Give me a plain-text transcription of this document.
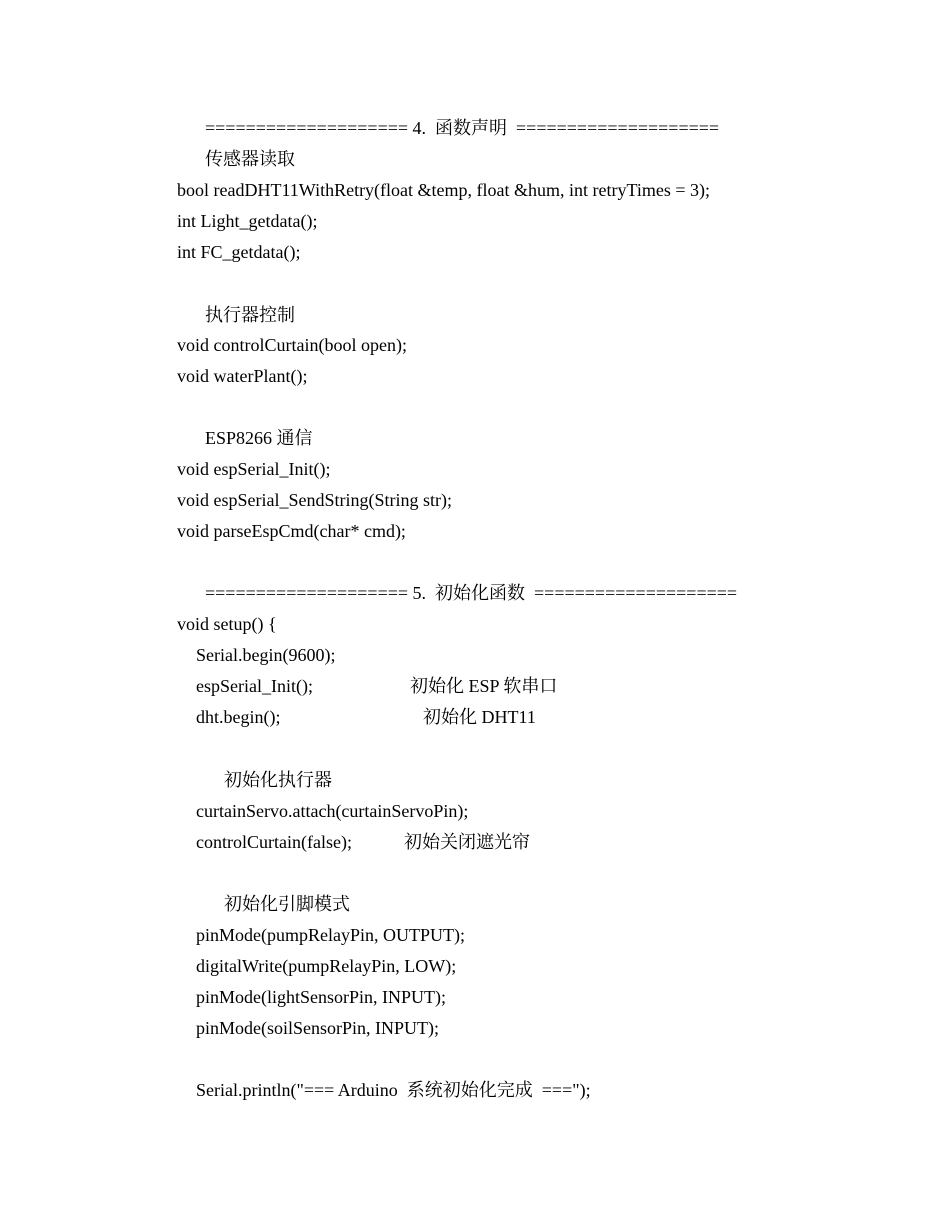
==================== 4.  函数声明  ====================
传感器读取
bool readDHT11WithRetry(float &temp, float &hum, int retryTimes = 3);
int Light_getdata();
int FC_getdata();
执行器控制
void controlCurtain(bool open);
void waterPlant();
ESP8266 通信
void espSerial_Init();
void espSerial_SendString(String str);
void parseEspCmd(char* cmd);
==================== 5.  初始化函数  ====================
void setup() {
Serial.begin(9600);
espSerial_Init();	初始化 ESP 软串口
dht.begin();	初始化 DHT11
初始化执行器
curtainServo.attach(curtainServoPin);
controlCurtain(false);	初始关闭遮光帘
初始化引脚模式
pinMode(pumpRelayPin, OUTPUT);
digitalWrite(pumpRelayPin, LOW);
pinMode(lightSensorPin, INPUT);
pinMode(soilSensorPin, INPUT);
Serial.println("=== Arduino  系统初始化完成  ===");
